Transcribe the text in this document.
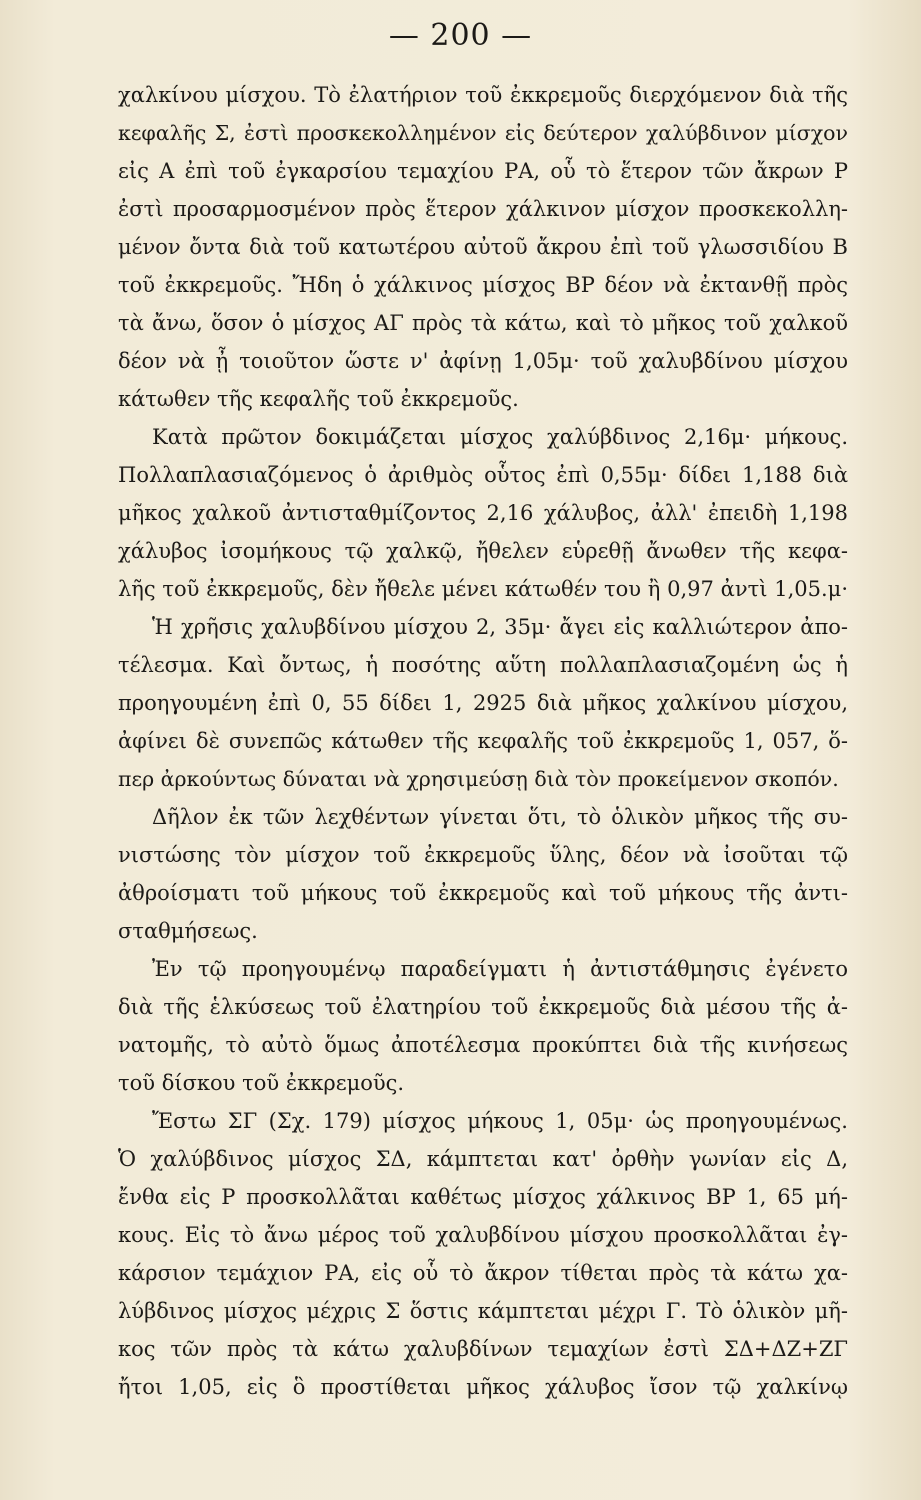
— 200 —
χαλκίνου μίσχου. Τὸ ἐλατήριον τοῦ ἐκκρεμοῦς διερχόμενον διὰ τῆς
κεφαλῆς Σ, ἐστὶ προσκεκολλημένον εἰς δεύτερον χαλύβδινον μίσχον
εἰς Α ἐπὶ τοῦ ἐγκαρσίου τεμαχίου ΡΑ, οὗ τὸ ἕτερον τῶν ἄκρων Ρ
ἐστὶ προσαρμοσμένον πρὸς ἕτερον χάλκινον μίσχον προσκεκολλη-
μένον ὄντα διὰ τοῦ κατωτέρου αὐτοῦ ἄκρου ἐπὶ τοῦ γλωσσιδίου Β
τοῦ ἐκκρεμοῦς. Ἤδη ὁ χάλκινος μίσχος ΒΡ δέον νὰ ἐκτανθῇ πρὸς
τὰ ἄνω, ὅσον ὁ μίσχος ΑΓ πρὸς τὰ κάτω, καὶ τὸ μῆκος τοῦ χαλκοῦ
δέον νὰ ᾖ τοιοῦτον ὥστε ν' ἀφίνῃ 1,05μ· τοῦ χαλυβδίνου μίσχου
κάτωθεν τῆς κεφαλῆς τοῦ ἐκκρεμοῦς.
Κατὰ πρῶτον δοκιμάζεται μίσχος χαλύβδινος 2,16μ· μήκους.
Πολλαπλασιαζόμενος ὁ ἀριθμὸς οὗτος ἐπὶ 0,55μ· δίδει 1,188 διὰ
μῆκος χαλκοῦ ἀντισταθμίζοντος 2,16 χάλυβος, ἀλλ' ἐπειδὴ 1,198
χάλυβος ἰσομήκους τῷ χαλκῷ, ἤθελεν εὑρεθῇ ἄνωθεν τῆς κεφα-
λῆς τοῦ ἐκκρεμοῦς, δὲν ἤθελε μένει κάτωθέν του ἢ 0,97 ἀντὶ 1,05.μ·
Ἡ χρῆσις χαλυβδίνου μίσχου 2, 35μ· ἄγει εἰς καλλιώτερον ἀπο-
τέλεσμα. Καὶ ὄντως, ἡ ποσότης αὕτη πολλαπλασιαζομένη ὡς ἡ
προηγουμένη ἐπὶ 0, 55 δίδει 1, 2925 διὰ μῆκος χαλκίνου μίσχου,
ἀφίνει δὲ συνεπῶς κάτωθεν τῆς κεφαλῆς τοῦ ἐκκρεμοῦς 1, 057, ὅ-
περ ἀρκούντως δύναται νὰ χρησιμεύσῃ διὰ τὸν προκείμενον σκοπόν.
Δῆλον ἐκ τῶν λεχθέντων γίνεται ὅτι, τὸ ὁλικὸν μῆκος τῆς συ-
νιστώσης τὸν μίσχον τοῦ ἐκκρεμοῦς ὕλης, δέον νὰ ἰσοῦται τῷ
ἀθροίσματι τοῦ μήκους τοῦ ἐκκρεμοῦς καὶ τοῦ μήκους τῆς ἀντι-
σταθμήσεως.
Ἐν τῷ προηγουμένῳ παραδείγματι ἡ ἀντιστάθμησις ἐγένετο
διὰ τῆς ἑλκύσεως τοῦ ἐλατηρίου τοῦ ἐκκρεμοῦς διὰ μέσου τῆς ἀ-
νατομῆς, τὸ αὐτὸ ὅμως ἀποτέλεσμα προκύπτει διὰ τῆς κινήσεως
τοῦ δίσκου τοῦ ἐκκρεμοῦς.
Ἔστω ΣΓ (Σχ. 179) μίσχος μήκους 1, 05μ· ὡς προηγουμένως.
Ὁ χαλύβδινος μίσχος ΣΔ, κάμπτεται κατ' ὀρθὴν γωνίαν εἰς Δ,
ἔνθα εἰς Ρ προσκολλᾶται καθέτως μίσχος χάλκινος ΒΡ 1, 65 μή-
κους. Εἰς τὸ ἄνω μέρος τοῦ χαλυβδίνου μίσχου προσκολλᾶται ἐγ-
κάρσιον τεμάχιον ΡΑ, εἰς οὗ τὸ ἄκρον τίθεται πρὸς τὰ κάτω χα-
λύβδινος μίσχος μέχρις Σ ὅστις κάμπτεται μέχρι Γ. Τὸ ὁλικὸν μῆ-
κος τῶν πρὸς τὰ κάτω χαλυβδίνων τεμαχίων ἐστὶ ΣΔ+ΔΖ+ΖΓ
ἤτοι 1,05, εἰς ὃ προστίθεται μῆκος χάλυβος ἴσον τῷ χαλκίνῳ
